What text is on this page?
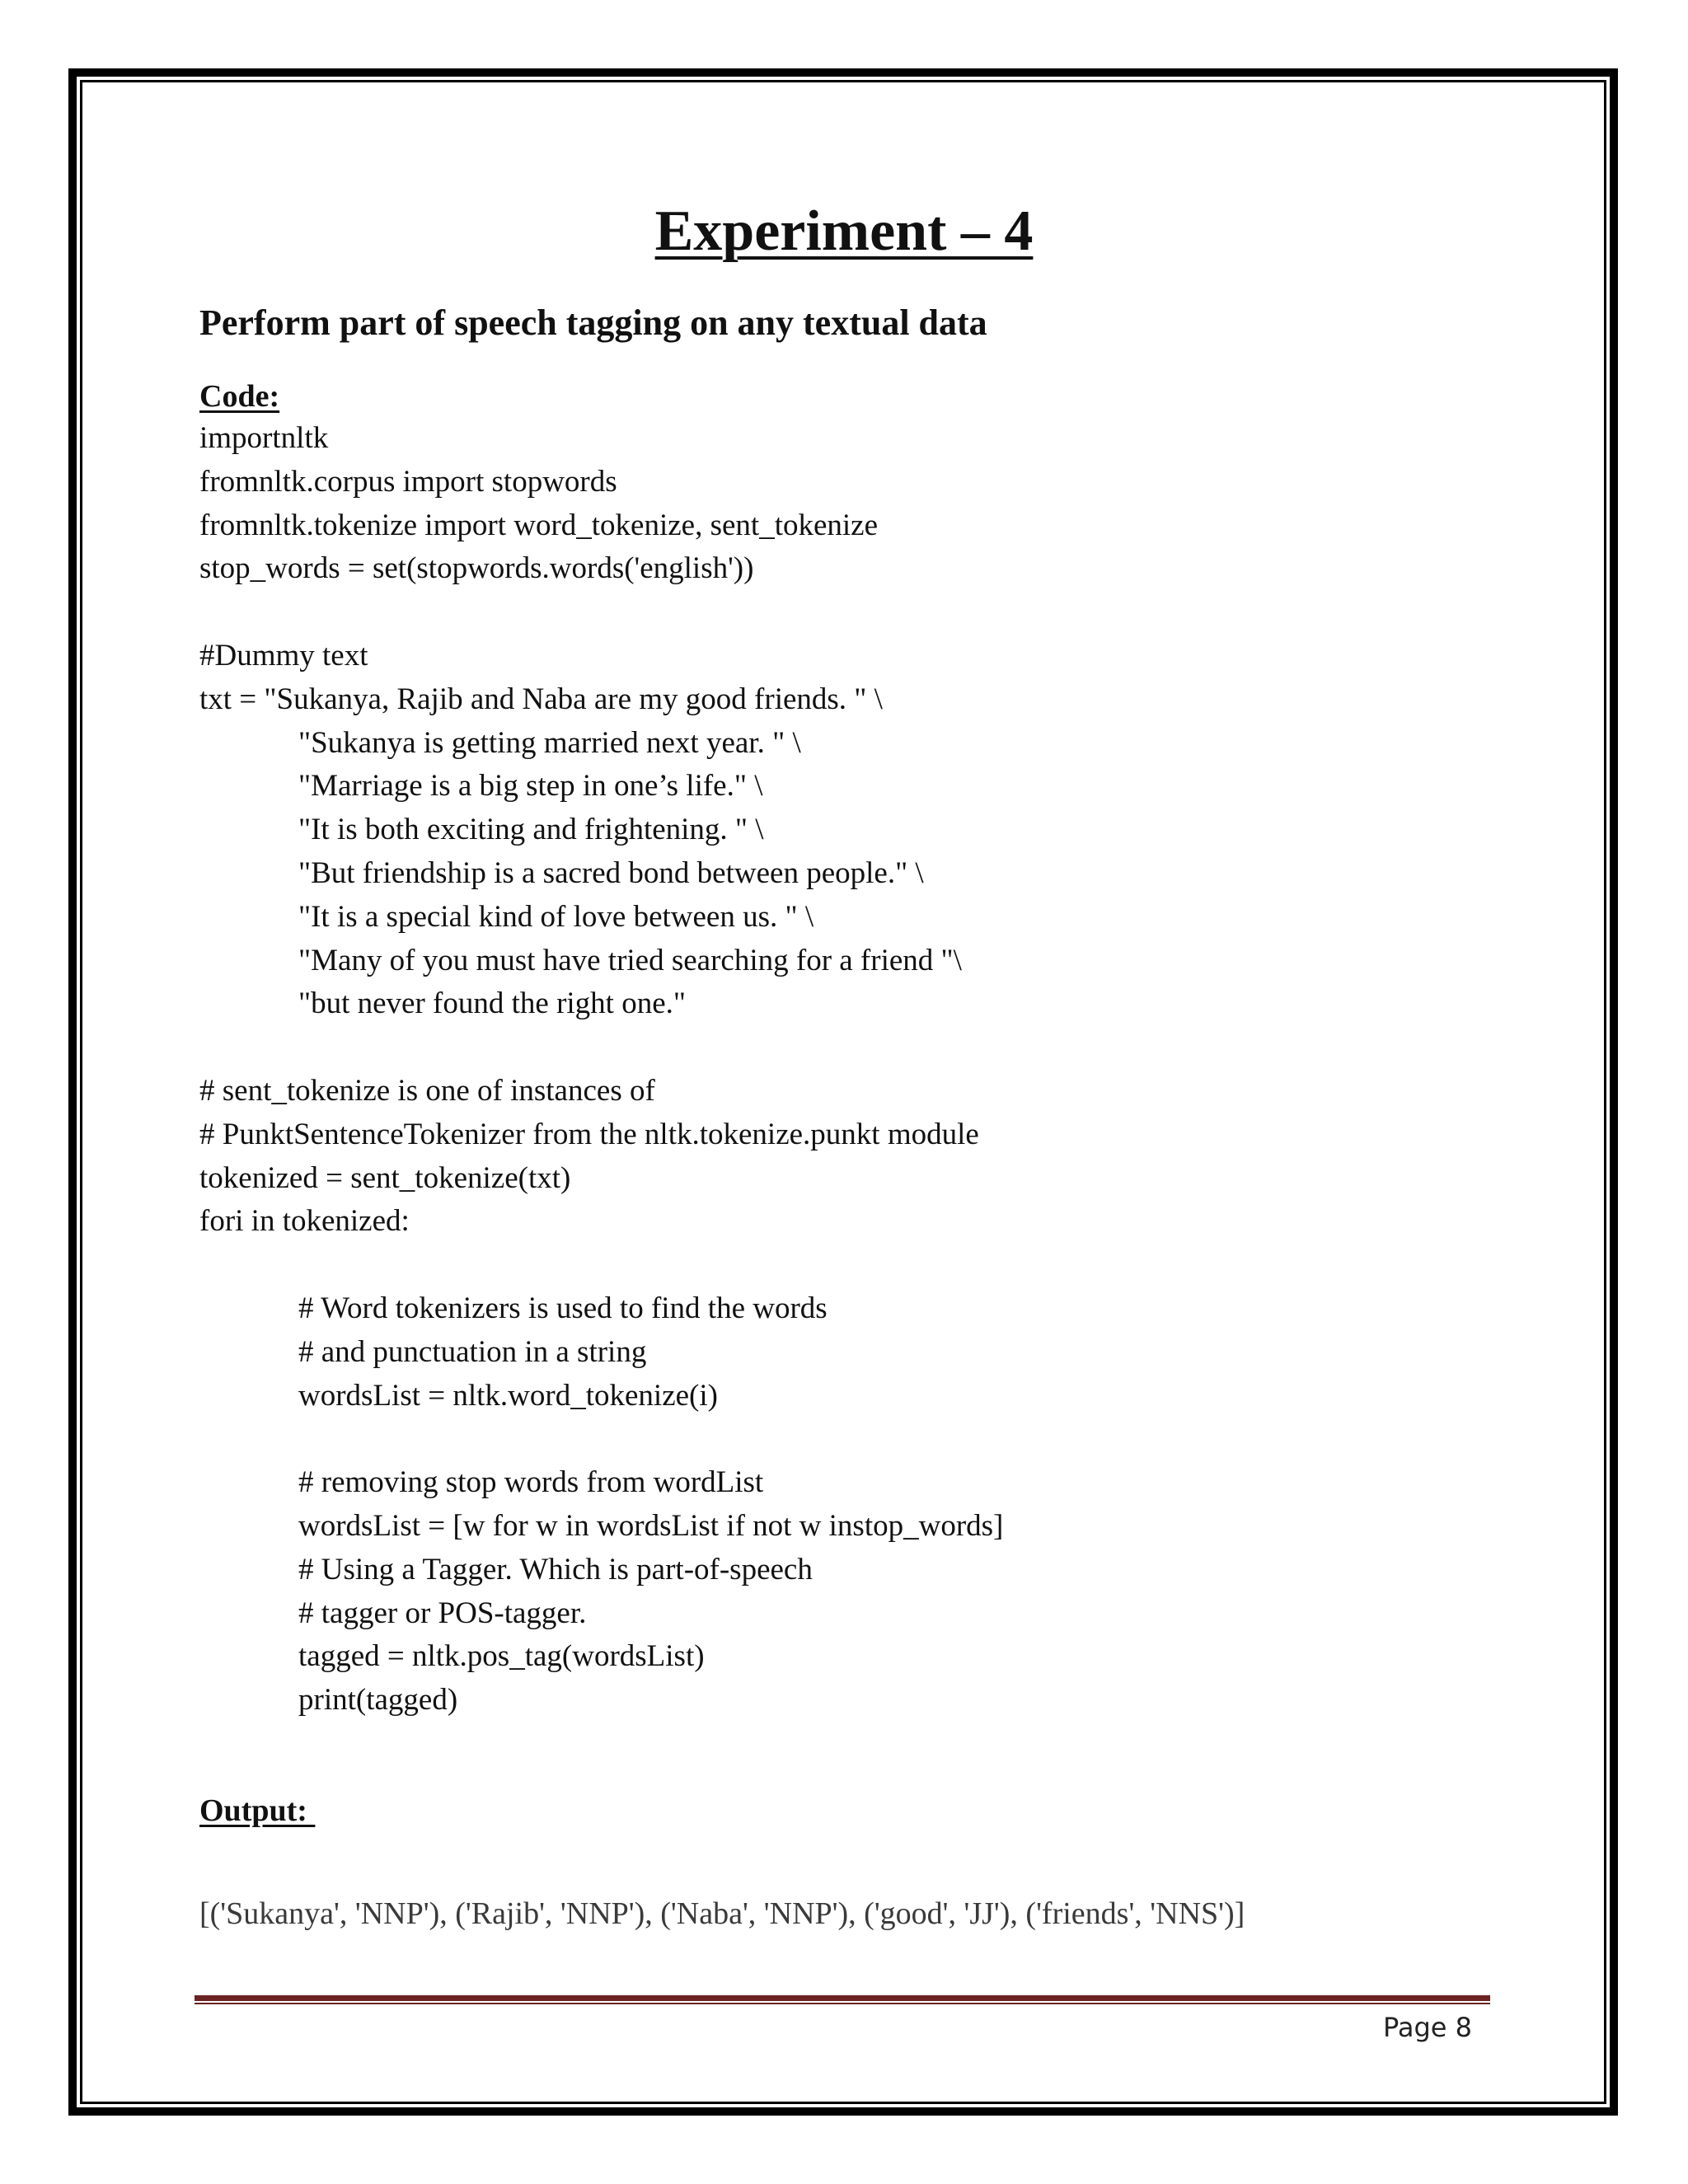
Experiment – 4
Perform part of speech tagging on any textual data
Code:
importnltk
fromnltk.corpus import stopwords
fromnltk.tokenize import word_tokenize, sent_tokenize
stop_words = set(stopwords.words('english'))
#Dummy text
txt = "Sukanya, Rajib and Naba are my good friends. " \
"Sukanya is getting married next year. " \
"Marriage is a big step in one’s life." \
"It is both exciting and frightening. " \
"But friendship is a sacred bond between people." \
"It is a special kind of love between us. " \
"Many of you must have tried searching for a friend "\
"but never found the right one."
# sent_tokenize is one of instances of
# PunktSentenceTokenizer from the nltk.tokenize.punkt module
tokenized = sent_tokenize(txt)
fori in tokenized:
# Word tokenizers is used to find the words
# and punctuation in a string
wordsList = nltk.word_tokenize(i)
# removing stop words from wordList
wordsList = [w for w in wordsList if not w instop_words]
# Using a Tagger. Which is part-of-speech
# tagger or POS-tagger.
tagged = nltk.pos_tag(wordsList)
print(tagged)
Output:
[('Sukanya', 'NNP'), ('Rajib', 'NNP'), ('Naba', 'NNP'), ('good', 'JJ'), ('friends', 'NNS')]
Page 8
